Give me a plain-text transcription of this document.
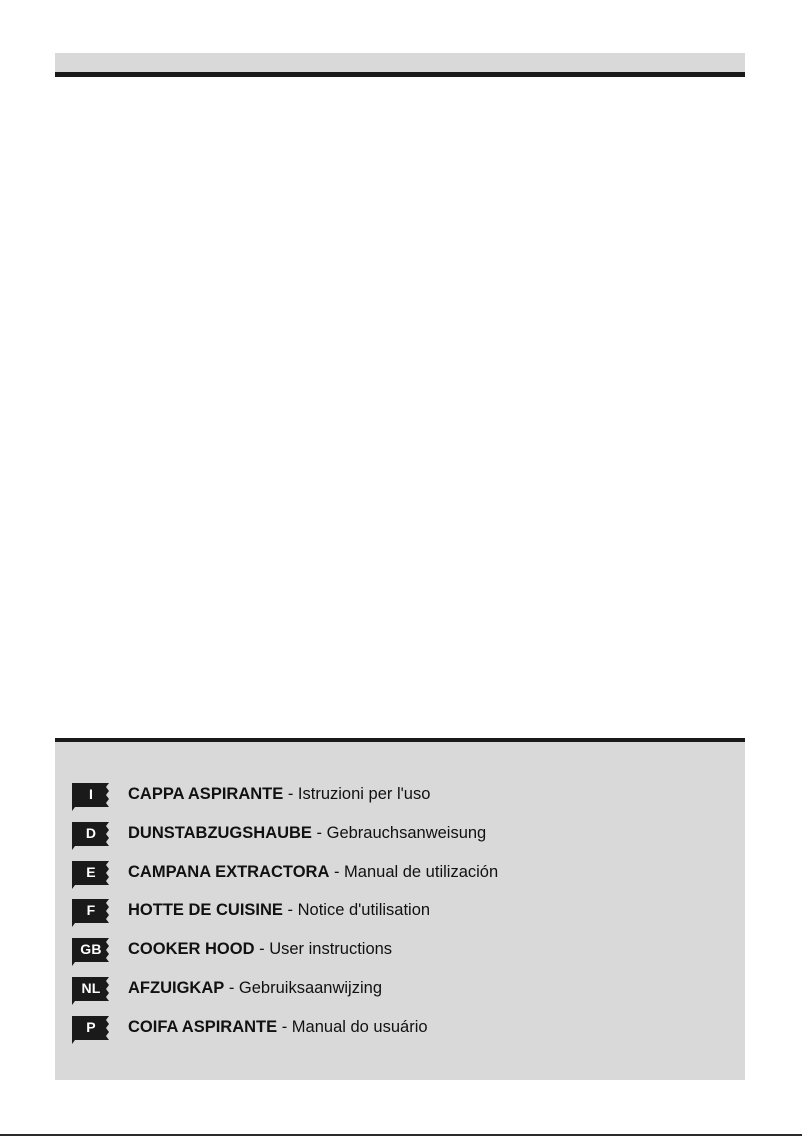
I	CAPPA ASPIRANTE - Istruzioni per l'uso
D	DUNSTABZUGSHAUBE - Gebrauchsanweisung
E	CAMPANA EXTRACTORA - Manual de utilización
F	HOTTE DE CUISINE - Notice d'utilisation
GB	COOKER HOOD - User instructions
NL	AFZUIGKAP - Gebruiksaanwijzing
P	COIFA ASPIRANTE - Manual do usuário
